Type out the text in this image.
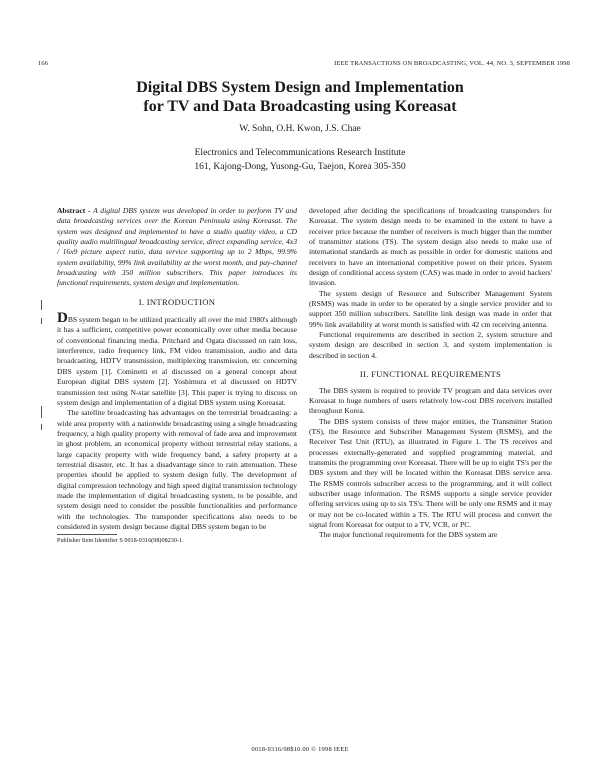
166	IEEE TRANSACTIONS ON BROADCASTING, VOL. 44, NO. 3, SEPTEMBER 1998
Digital DBS System Design and Implementation
for TV and Data Broadcasting using Koreasat
W. Sohn, O.H. Kwon, J.S. Chae
Electronics and Telecommunications Research Institute
161, Kajong-Dong, Yusong-Gu, Taejon, Korea 305-350

Abstract - A digital DBS system was developed in order to perform TV and data broadcasting services over the Korean Peninsula using Koreasat. The system was designed and implemented to have a studio quality video, a CD quality audio multilingual broadcasting service, direct expanding service, 4x3 / 16x9 picture aspect ratio, data service supporting up to 2 Mbps, 99.9% system availability, 99% link availability at the worst month, and pay-channel broadcasting with 350 million subscribers. This paper introduces its functional requirements, system design and implementation.

I. INTRODUCTION

DBS system began to be utilized practically all over the mid 1980's although it has a sufficient, competitive power economically over other media because of conventional financing media. Pritchard and Ogata discussed on rain loss, interference, radio frequency link, FM video transmission, audio and data broadcasting, HDTV transmission, multiplexing transmission, etc concerning DBS system [1]. Cominetti et al discussed on a general concept about European digital DBS system [2]. Yoshimura et al discussed on HDTV transmission test using N-star satellite [3]. This paper is trying to discuss on system design and implementation of a digital DBS system using Koreasat.

The satellite broadcasting has advantages on the terrestrial broadcasting: a wide area property with a nationwide broadcasting using a single broadcasting frequency, a high quality property with removal of fade area and improvement in ghost problem, an economical property without terrestrial relay stations, a large capacity property with wide frequency band, a safety property at a terrestrial disaster, etc. It has a disadvantage since to rain attenuation. These properties should be applied to system design fully. The development of digital compression technology and high speed digital transmission technology made the implementation of digital broadcasting system, to be possible, and system design need to consider the possible functionalities and performance with the technologies. The transponder specifications also needs to be considered in system design because digital DBS system began to be

Publisher Item Identifier S 0018-9316(98)08230-1.

developed after deciding the specifications of broadcasting transponders for Koreasat. The system design needs to be examined in the extent to have a receiver price because the number of receivers is much bigger than the number of transmitter stations (TS). The system design also needs to make use of international standards as much as possible in order for domestic stations and receivers to have an international competitive power on their prices. System design of conditional access system (CAS) was made in order to avoid hackers' invasion.

The system design of Resource and Subscriber Management System (RSMS) was made in order to be operated by a single service provider and to support 350 million subscribers. Satellite link design was made in order that 99% link availability at worst month is satisfied with 42 cm receiving antenna.

Functional requirements are described in section 2, system structure and system design are described in section 3, and system implementation is described in section 4.

II. FUNCTIONAL REQUIREMENTS

The DBS system is required to provide TV program and data services over Koreasat to huge numbers of users relatively low-cost DBS receivers installed throughout Korea.

The DBS system consists of three major entities, the Transmitter Station (TS), the Resource and Subscriber Management System (RSMS), and the Receiver Test Unit (RTU), as illustrated in Figure 1. The TS receives and processes externally-generated and supplied programming material, and transmits the programming over Koreasat. There will be up to eight TS's per the DBS system and they will be located within the Koreasat DBS service area. The RSMS controls subscriber access to the programming, and it will collect subscriber usage information. The RSMS supports a single service provider offering services using up to six TS's. There will be only one RSMS and it may or may not be co-located within a TS. The RTU will process and convert the signal from Koreasat for output to a TV, VCR, or PC.

The major functional requirements for the DBS system are

0018-9316/98$10.00 © 1998 IEEE
